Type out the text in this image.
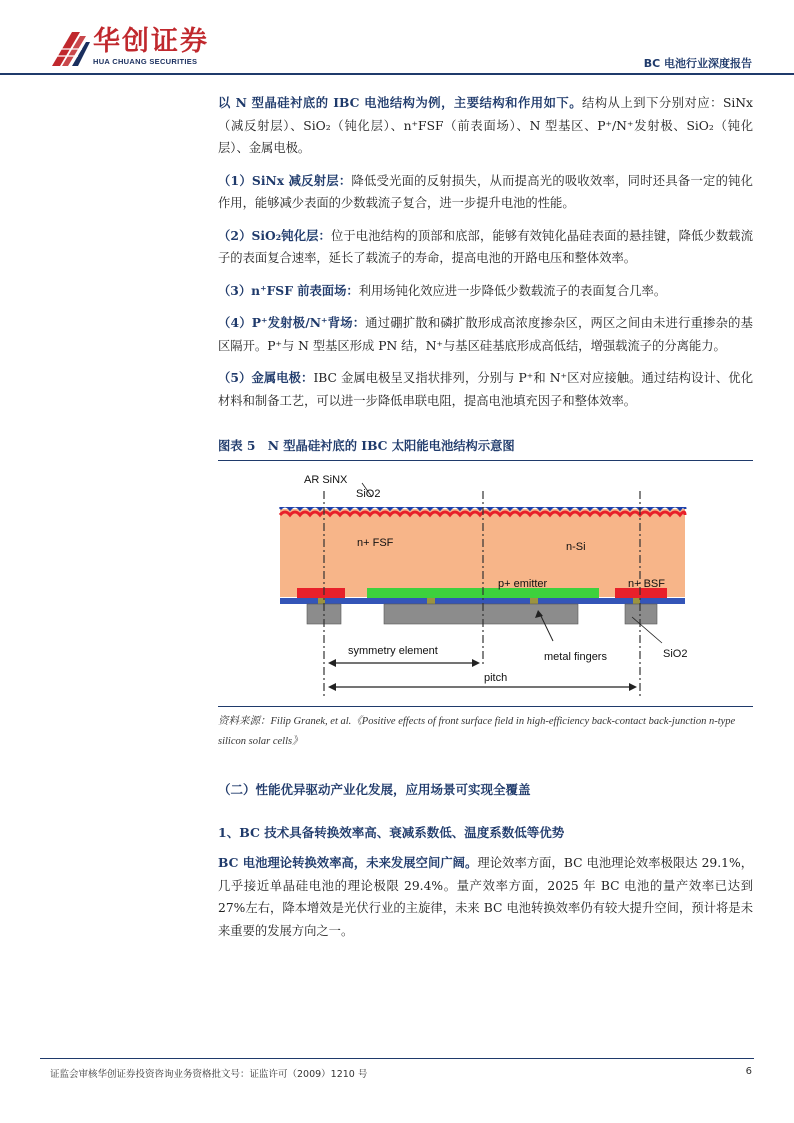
华创证券
HUA CHUANG SECURITIES	BC 电池行业深度报告

以 N 型晶硅衬底的 IBC 电池结构为例，主要结构和作用如下。结构从上到下分别对应：SiNx（减反射层）、SiO₂（钝化层）、n⁺FSF（前表面场）、N 型基区、P⁺/N⁺发射极、SiO₂（钝化层）、金属电极。

（1）SiNx 减反射层：降低受光面的反射损失，从而提高光的吸收效率，同时还具备一定的钝化作用，能够减少表面的少数载流子复合，进一步提升电池的性能。

（2）SiO₂钝化层：位于电池结构的顶部和底部，能够有效钝化晶硅表面的悬挂键，降低少数载流子的表面复合速率，延长了载流子的寿命，提高电池的开路电压和整体效率。

（3）n⁺FSF 前表面场：利用场钝化效应进一步降低少数载流子的表面复合几率。

（4）P⁺发射极/N⁺背场：通过硼扩散和磷扩散形成高浓度掺杂区，两区之间由未进行重掺杂的基区隔开。P⁺与 N 型基区形成 PN 结，N⁺与基区硅基底形成高低结，增强载流子的分离能力。

（5）金属电极：IBC 金属电极呈叉指状排列，分别与 P⁺和 N⁺区对应接触。通过结构设计、优化材料和制备工艺，可以进一步降低串联电阻，提高电池填充因子和整体效率。

图表 5　N 型晶硅衬底的 IBC 太阳能电池结构示意图
AR SiNX
SiO2
n+ FSF	n-Si
p+ emitter	n+ BSF
symmetry element	metal fingers	SiO2
pitch
资料来源：Filip Granek, et al.《Positive effects of front surface field in high-efficiency back-contact back-junction n-type silicon solar cells》
（二）性能优异驱动产业化发展，应用场景可实现全覆盖
1、BC 技术具备转换效率高、衰减系数低、温度系数低等优势

BC 电池理论转换效率高，未来发展空间广阔。理论效率方面，BC 电池理论效率极限达 29.1%，几乎接近单晶硅电池的理论极限 29.4%。量产效率方面，2025 年 BC 电池的量产效率已达到 27%左右，降本增效是光伏行业的主旋律，未来 BC 电池转换效率仍有较大提升空间，预计将是未来重要的发展方向之一。

证监会审核华创证券投资咨询业务资格批文号：证监许可（2009）1210 号	6
